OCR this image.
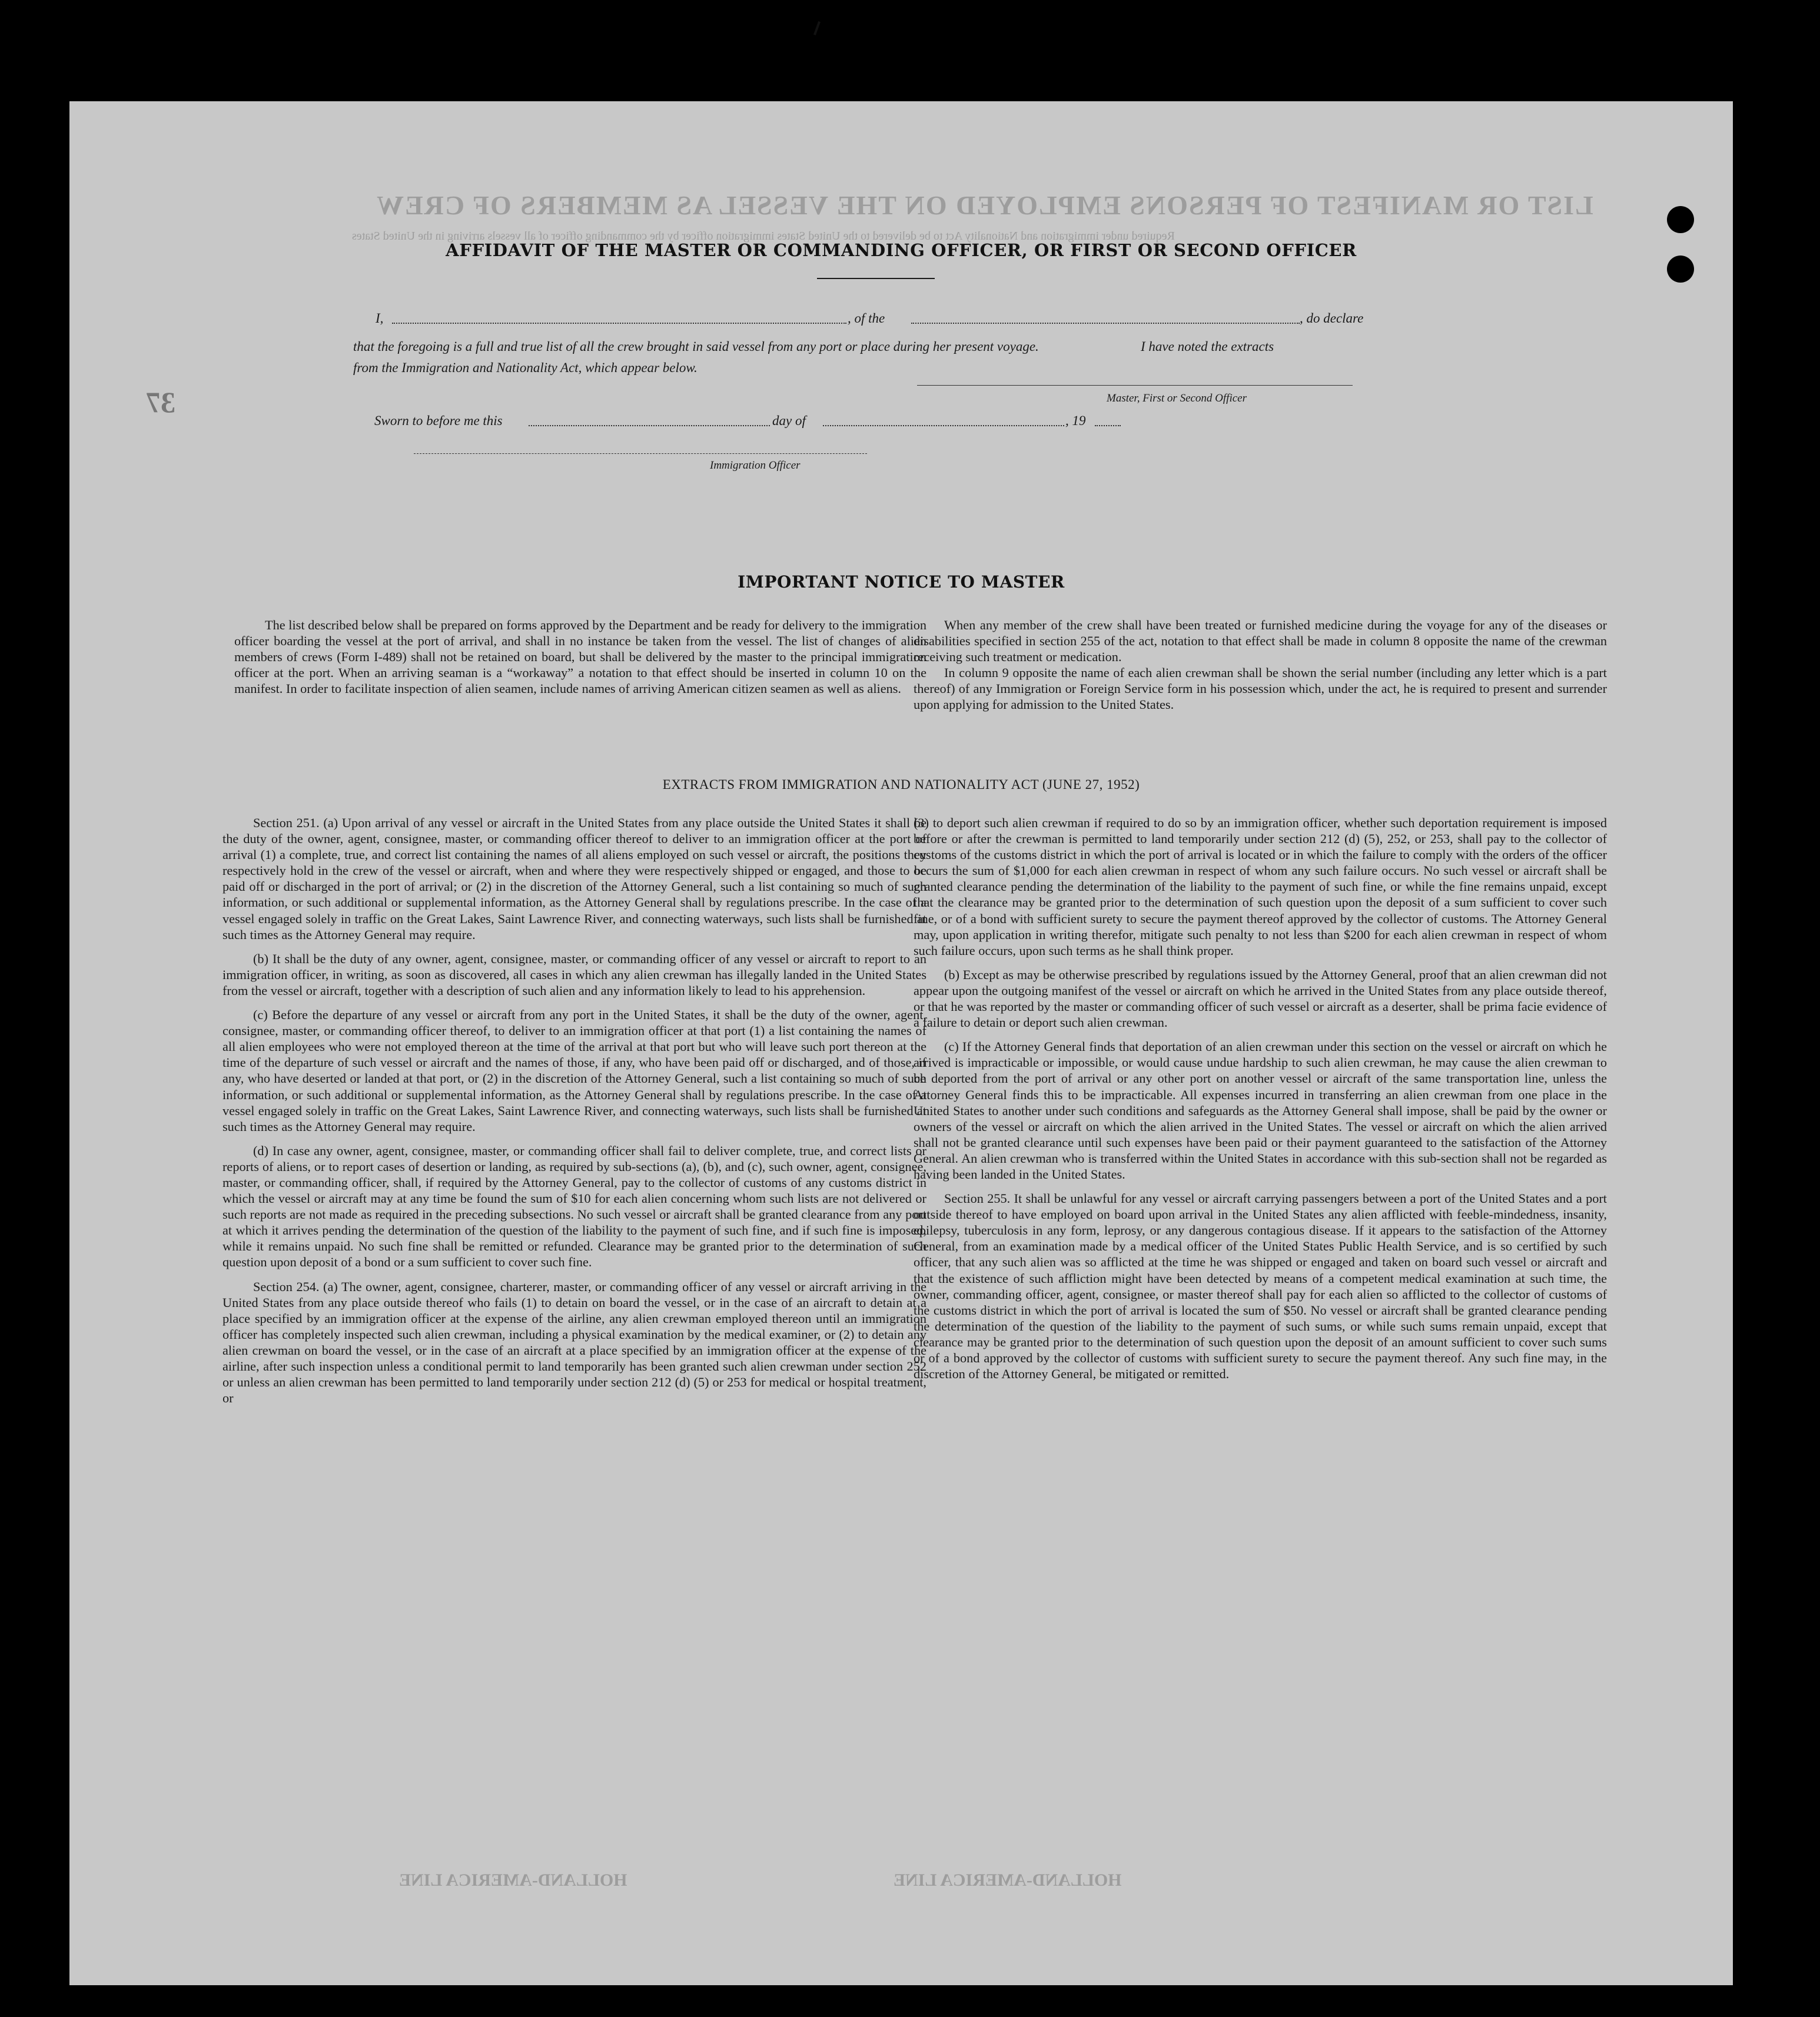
LIST OR MANIFEST OF PERSONS EMPLOYED ON THE VESSEL AS MEMBERS OF CREW
Required under immigration and Nationality Act to be delivered to the United States immigration officer by the commanding officer of all vessels arriving in the United States
HOLLAND-AMERICA LINE
HOLLAND-AMERICA LINE
37
AFFIDAVIT OF THE MASTER OR COMMANDING OFFICER, OR FIRST OR SECOND OFFICER
I,	, of the	, do declare
that the foregoing is a full and true list of all the crew brought in said vessel from any port or place during her present voyage.	I have noted the extracts
from the Immigration and Nationality Act, which appear below.
Master, First or Second Officer
Sworn to before me this	day of	, 19
Immigration Officer
IMPORTANT NOTICE TO MASTER

The list described below shall be prepared on forms approved by the Department and be ready for delivery to the immigration officer boarding the vessel at the port of arrival, and shall in no instance be taken from the vessel. The list of changes of alien members of crews (Form I-489) shall not be retained on board, but shall be delivered by the master to the principal immigration officer at the port. When an arriving seaman is a “workaway” a notation to that effect should be inserted in column 10 on the manifest. In order to facilitate inspection of alien seamen, include names of arriving American citizen seamen as well as aliens.

When any member of the crew shall have been treated or furnished medicine during the voyage for any of the diseases or disabilities specified in section 255 of the act, notation to that effect shall be made in column 8 opposite the name of the crewman receiving such treatment or medication.

In column 9 opposite the name of each alien crewman shall be shown the serial number (including any letter which is a part thereof) of any Immigration or Foreign Service form in his possession which, under the act, he is required to present and surrender upon applying for admission to the United States.

EXTRACTS FROM IMMIGRATION AND NATIONALITY ACT (JUNE 27, 1952)

Section 251. (a) Upon arrival of any vessel or aircraft in the United States from any place outside the United States it shall be the duty of the owner, agent, consignee, master, or commanding officer thereof to deliver to an immigration officer at the port of arrival (1) a complete, true, and correct list containing the names of all aliens employed on such vessel or aircraft, the positions they respectively hold in the crew of the vessel or aircraft, when and where they were respectively shipped or engaged, and those to be paid off or discharged in the port of arrival; or (2) in the discretion of the Attorney General, such a list containing so much of such information, or such additional or supplemental information, as the Attorney General shall by regulations prescribe. In the case of a vessel engaged solely in traffic on the Great Lakes, Saint Lawrence River, and connecting waterways, such lists shall be furnished at such times as the Attorney General may require.

(b) It shall be the duty of any owner, agent, consignee, master, or commanding officer of any vessel or aircraft to report to an immigration officer, in writing, as soon as discovered, all cases in which any alien crewman has illegally landed in the United States from the vessel or aircraft, together with a description of such alien and any information likely to lead to his apprehension.

(c) Before the departure of any vessel or aircraft from any port in the United States, it shall be the duty of the owner, agent, consignee, master, or commanding officer thereof, to deliver to an immigration officer at that port (1) a list containing the names of all alien employees who were not employed thereon at the time of the arrival at that port but who will leave such port thereon at the time of the departure of such vessel or aircraft and the names of those, if any, who have been paid off or discharged, and of those, if any, who have deserted or landed at that port, or (2) in the discretion of the Attorney General, such a list containing so much of such information, or such additional or supplemental information, as the Attorney General shall by regulations prescribe. In the case of a vessel engaged solely in traffic on the Great Lakes, Saint Lawrence River, and connecting waterways, such lists shall be furnished at such times as the Attorney General may require.

(d) In case any owner, agent, consignee, master, or commanding officer shall fail to deliver complete, true, and correct lists or reports of aliens, or to report cases of desertion or landing, as required by sub-sections (a), (b), and (c), such owner, agent, consignee, master, or commanding officer, shall, if required by the Attorney General, pay to the collector of customs of any customs district in which the vessel or aircraft may at any time be found the sum of $10 for each alien concerning whom such lists are not delivered or such reports are not made as required in the preceding subsections. No such vessel or aircraft shall be granted clearance from any port at which it arrives pending the determination of the question of the liability to the payment of such fine, and if such fine is imposed, while it remains unpaid. No such fine shall be remitted or refunded. Clearance may be granted prior to the determination of such question upon deposit of a bond or a sum sufficient to cover such fine.

Section 254. (a) The owner, agent, consignee, charterer, master, or commanding officer of any vessel or aircraft arriving in the United States from any place outside thereof who fails (1) to detain on board the vessel, or in the case of an aircraft to detain at a place specified by an immigration officer at the expense of the airline, any alien crewman employed thereon until an immigration officer has completely inspected such alien crewman, including a physical examination by the medical examiner, or (2) to detain any alien crewman on board the vessel, or in the case of an aircraft at a place specified by an immigration officer at the expense of the airline, after such inspection unless a conditional permit to land temporarily has been granted such alien crewman under section 252 or unless an alien crewman has been permitted to land temporarily under section 212 (d) (5) or 253 for medical or hospital treatment, or

(3) to deport such alien crewman if required to do so by an immigration officer, whether such deportation requirement is imposed before or after the crewman is permitted to land temporarily under section 212 (d) (5), 252, or 253, shall pay to the collector of customs of the customs district in which the port of arrival is located or in which the failure to comply with the orders of the officer occurs the sum of $1,000 for each alien crewman in respect of whom any such failure occurs. No such vessel or aircraft shall be granted clearance pending the determination of the liability to the payment of such fine, or while the fine remains unpaid, except that the clearance may be granted prior to the determination of such question upon the deposit of a sum sufficient to cover such fine, or of a bond with sufficient surety to secure the payment thereof approved by the collector of customs. The Attorney General may, upon application in writing therefor, mitigate such penalty to not less than $200 for each alien crewman in respect of whom such failure occurs, upon such terms as he shall think proper.

(b) Except as may be otherwise prescribed by regulations issued by the Attorney General, proof that an alien crewman did not appear upon the outgoing manifest of the vessel or aircraft on which he arrived in the United States from any place outside thereof, or that he was reported by the master or commanding officer of such vessel or aircraft as a deserter, shall be prima facie evidence of a failure to detain or deport such alien crewman.

(c) If the Attorney General finds that deportation of an alien crewman under this section on the vessel or aircraft on which he arrived is impracticable or impossible, or would cause undue hardship to such alien crewman, he may cause the alien crewman to be deported from the port of arrival or any other port on another vessel or aircraft of the same transportation line, unless the Attorney General finds this to be impracticable. All expenses incurred in transferring an alien crewman from one place in the United States to another under such conditions and safeguards as the Attorney General shall impose, shall be paid by the owner or owners of the vessel or aircraft on which the alien arrived in the United States. The vessel or aircraft on which the alien arrived shall not be granted clearance until such expenses have been paid or their payment guaranteed to the satisfaction of the Attorney General. An alien crewman who is transferred within the United States in accordance with this sub-section shall not be regarded as having been landed in the United States.

Section 255. It shall be unlawful for any vessel or aircraft carrying passengers between a port of the United States and a port outside thereof to have employed on board upon arrival in the United States any alien afflicted with feeble-mindedness, insanity, epilepsy, tuberculosis in any form, leprosy, or any dangerous contagious disease. If it appears to the satisfaction of the Attorney General, from an examination made by a medical officer of the United States Public Health Service, and is so certified by such officer, that any such alien was so afflicted at the time he was shipped or engaged and taken on board such vessel or aircraft and that the existence of such affliction might have been detected by means of a competent medical examination at such time, the owner, commanding officer, agent, consignee, or master thereof shall pay for each alien so afflicted to the collector of customs of the customs district in which the port of arrival is located the sum of $50. No vessel or aircraft shall be granted clearance pending the determination of the question of the liability to the payment of such sums, or while such sums remain unpaid, except that clearance may be granted prior to the determination of such question upon the deposit of an amount sufficient to cover such sums or of a bond approved by the collector of customs with sufficient surety to secure the payment thereof. Any such fine may, in the discretion of the Attorney General, be mitigated or remitted.
